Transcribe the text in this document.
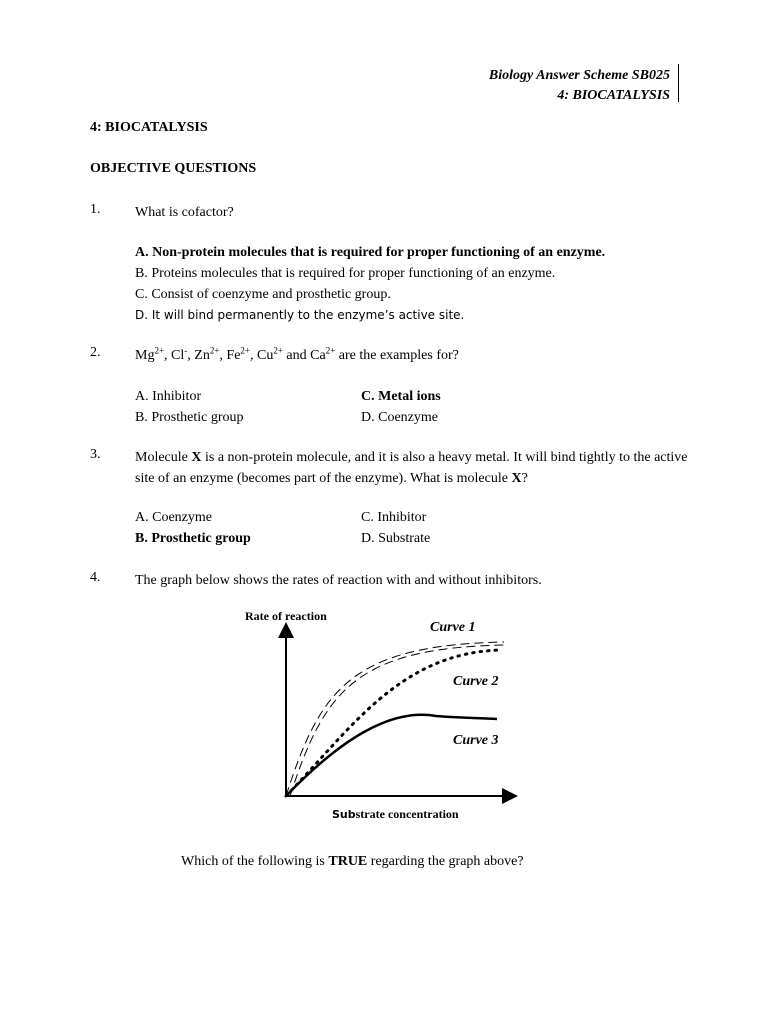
Biology Answer Scheme SB025
4: BIOCATALYSIS
4: BIOCATALYSIS
OBJECTIVE QUESTIONS
1. What is cofactor?
A. Non-protein molecules that is required for proper functioning of an enzyme.
B. Proteins molecules that is required for proper functioning of an enzyme.
C. Consist of coenzyme and prosthetic group.
D. It will bind permanently to the enzyme’s active site.
2. $Mg^{2+}$, Cl-, $Zn^{2+}$, $Fe^{2+}$, $Cu^{2+}$ and $Ca^{2+}$ are the examples for?
A. Inhibitor
B. Prosthetic group
C. Metal ions
D. Coenzyme
3. Molecule X is a non-protein molecule, and it is also a heavy metal. It will bind tightly to the active site of an enzyme (becomes part of the enzyme). What is molecule X?
A. Coenzyme
B. Prosthetic group
C. Inhibitor
D. Substrate
4. The graph below shows the rates of reaction with and without inhibitors.
Rate of reaction
Curve 1
Curve 2
Curve 3
Substrate concentration
Which of the following is TRUE regarding the graph above?
